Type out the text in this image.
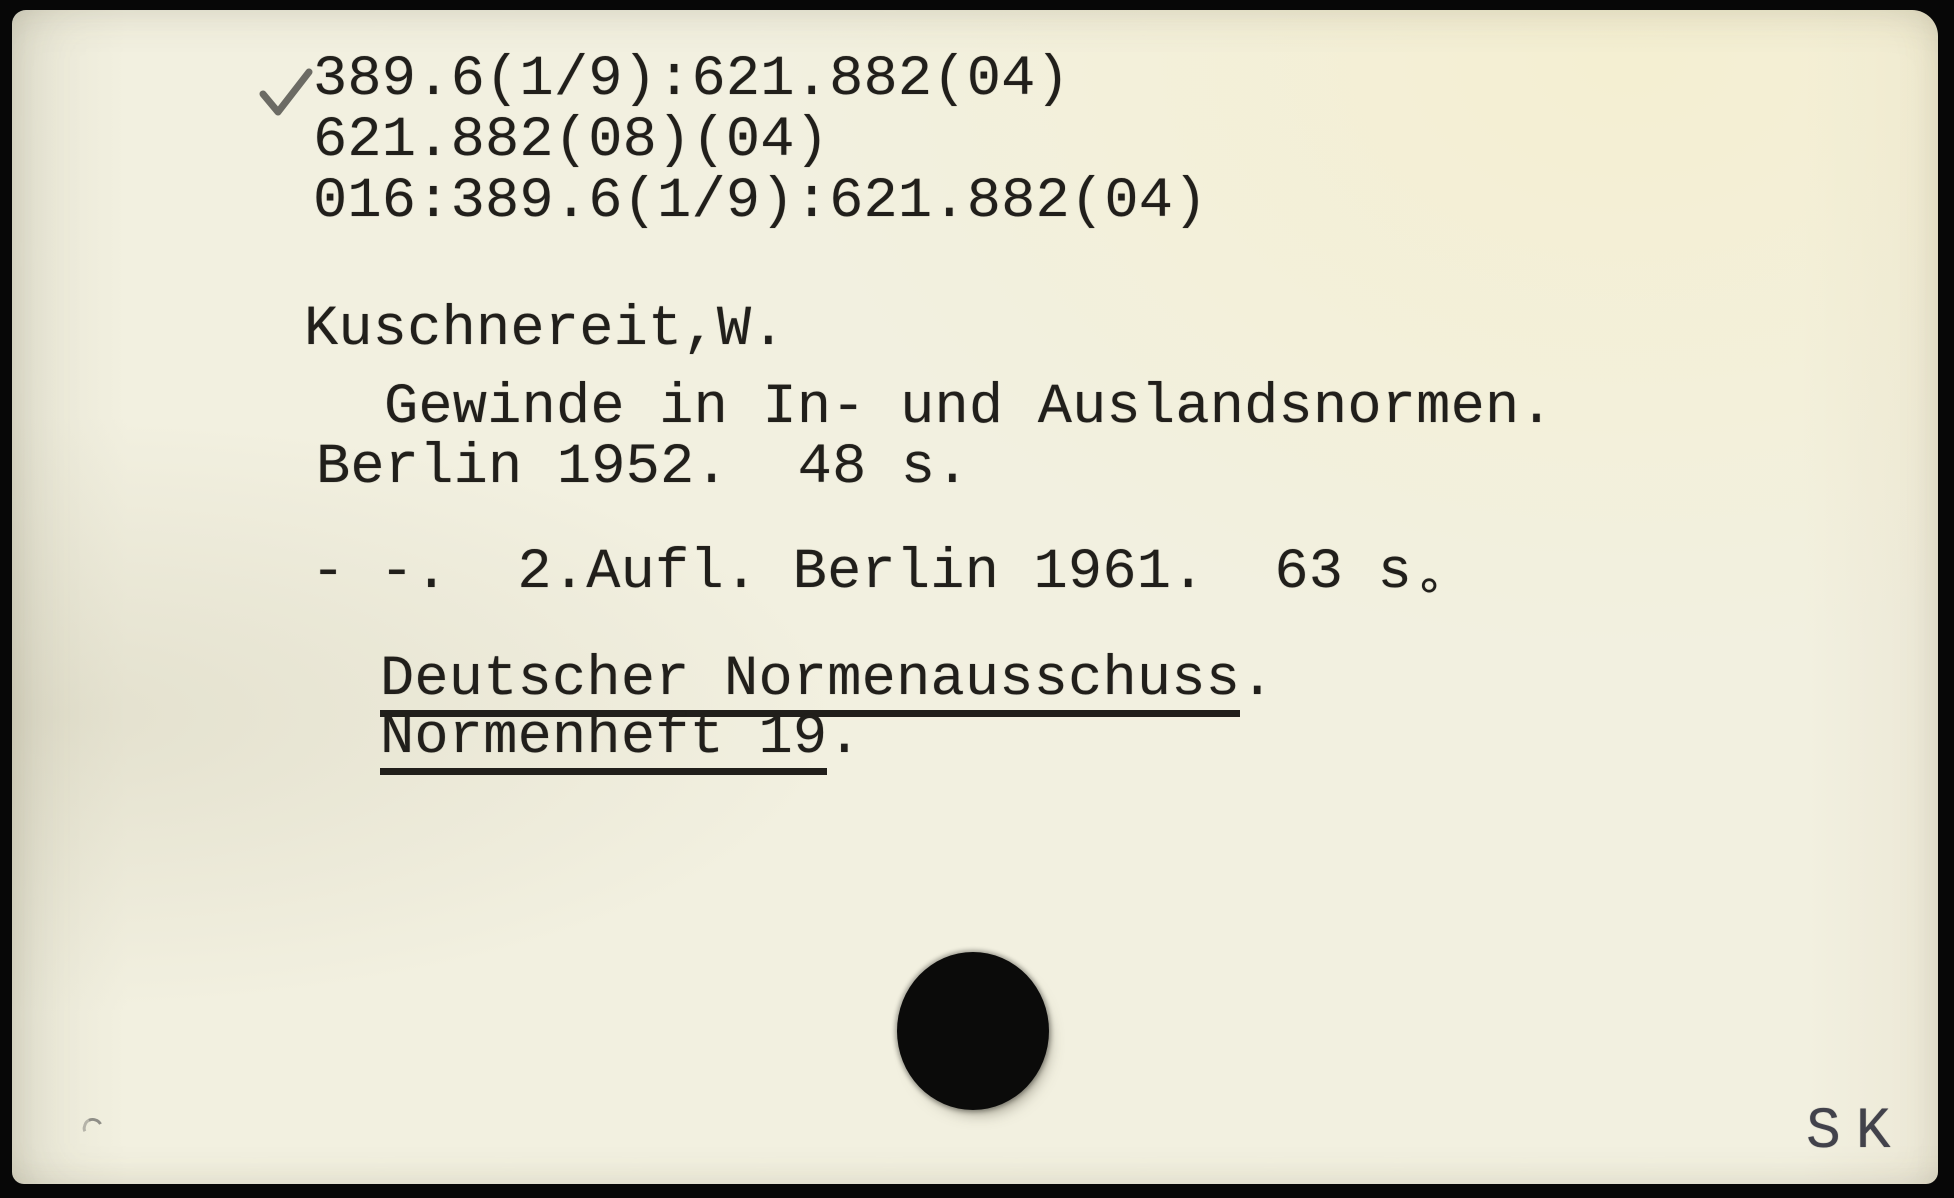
389.6(1/9):621.882(04)
621.882(08)(04)
016:389.6(1/9):621.882(04)
Kuschnereit,W.
Gewinde in In- und Auslandsnormen.
Berlin 1952.  48 s.
- -.  2.Aufl. Berlin 1961.  63 s°
Deutscher Normenausschuss.
Normenheft 19.
SK
